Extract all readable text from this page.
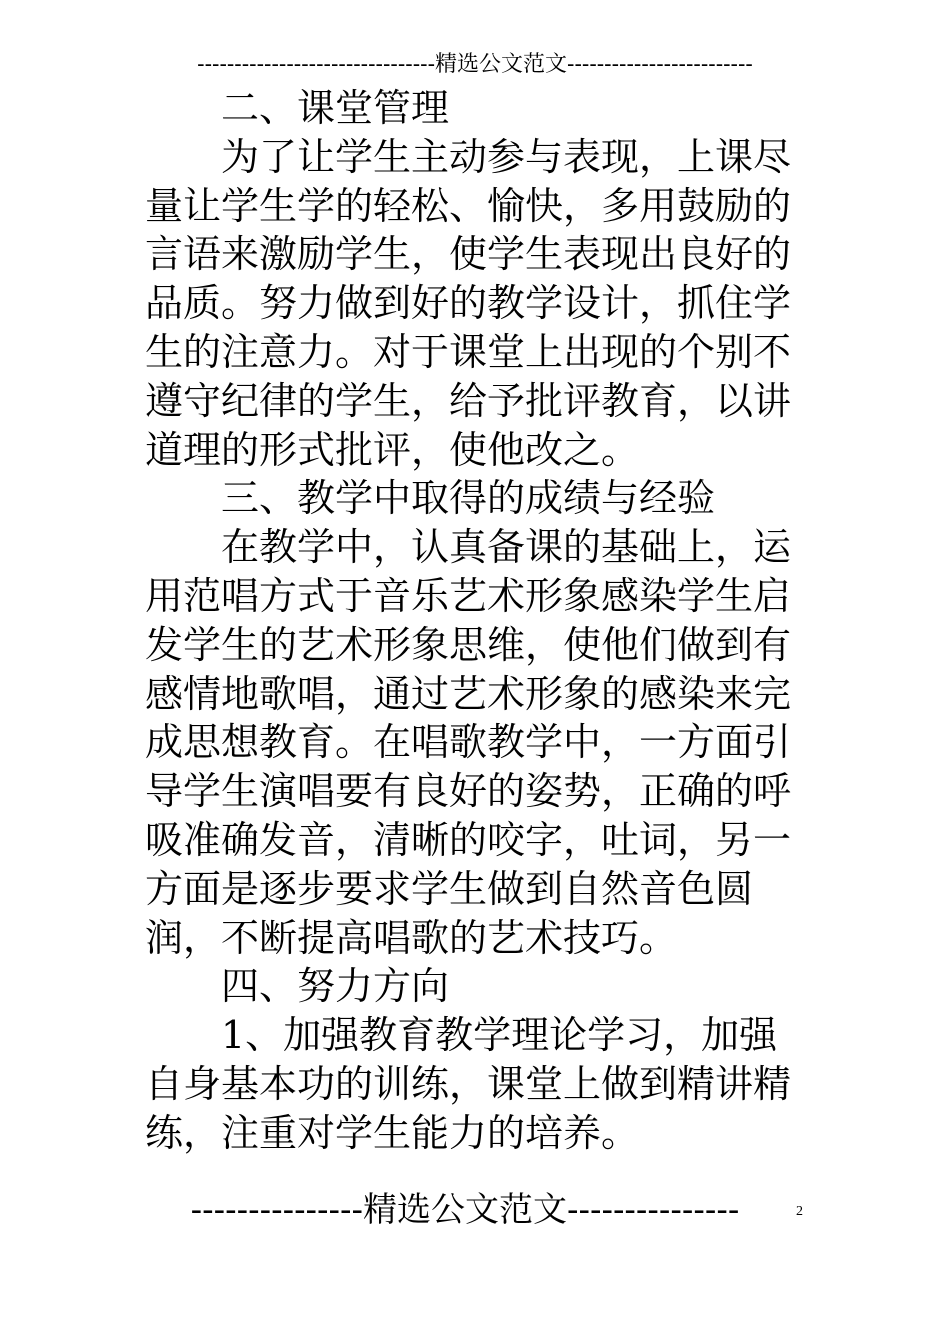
--------------------------------精选公文范文-------------------------

二、课堂管理

为了让学生主动参与表现，上课尽量让学生学的轻松、愉快，多用鼓励的言语来激励学生，使学生表现出良好的品质。努力做到好的教学设计，抓住学生的注意力。对于课堂上出现的个别不遵守纪律的学生，给予批评教育，以讲道理的形式批评，使他改之。

三、教学中取得的成绩与经验

在教学中，认真备课的基础上，运用范唱方式于音乐艺术形象感染学生启发学生的艺术形象思维，使他们做到有感情地歌唱，通过艺术形象的感染来完成思想教育。在唱歌教学中，一方面引导学生演唱要有良好的姿势，正确的呼吸准确发音，清晰的咬字，吐词，另一方面是逐步要求学生做到自然音色圆润，不断提高唱歌的艺术技巧。

四、努力方向

1、加强教育教学理论学习，加强自身基本功的训练，课堂上做到精讲精练，注重对学生能力的培养。

---------------精选公文范文---------------	2
